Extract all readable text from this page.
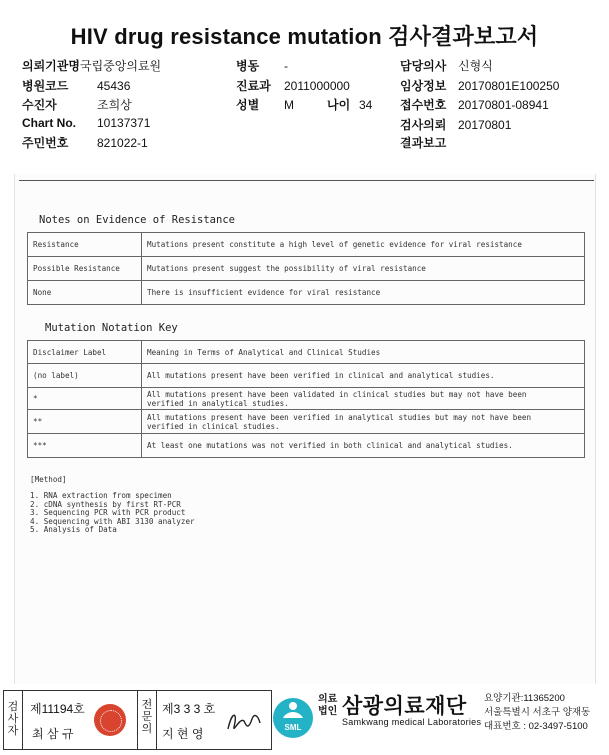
HIV drug resistance mutation 검사결과보고서
의뢰기관명국립중앙의료원
병원코드 45436
수진자	조희상
Chart No. 10137371
주민번호 821022-1
병동 -
진료과 2011000000
성별 M	나이 34
담당의사 신형식
임상정보 20170801E100250
접수번호 20170801-08941
검사의뢰 20170801
결과보고
Notes on Evidence of Resistance
Resistance	Mutations present constitute a high level of genetic evidence for viral resistance
Possible Resistance	Mutations present suggest the possibility of viral resistance
None	There is insufficient evidence for viral resistance
Mutation Notation Key
Disclaimer Label	Meaning in Terms of Analytical and Clinical Studies
(no label)	All mutations present have been verified in clinical and analytical studies.
*	All mutations present have been validated in clinical studies but may not have been
verified in analytical studies.

**	All mutations present have been verified in analytical studies but may not have been
verified in clinical studies.

***	At least one mutations was not verified in both clinical and analytical studies.
[Method]
1. RNA extraction from specimen
2. cDNA synthesis by first RT-PCR
3. Sequencing PCR with PCR product
4. Sequencing with ABI 3130 analyzer
5. Analysis of Data
검사자
제11194호
최 삼 규
전문의
제3 3 3 호
지 현 영	SML
의료
법인 삼광의료재단
Samkwang medical Laboratories
요양기관:11365200
서울특별시 서초구 양재동
대표번호 : 02-3497-5100
